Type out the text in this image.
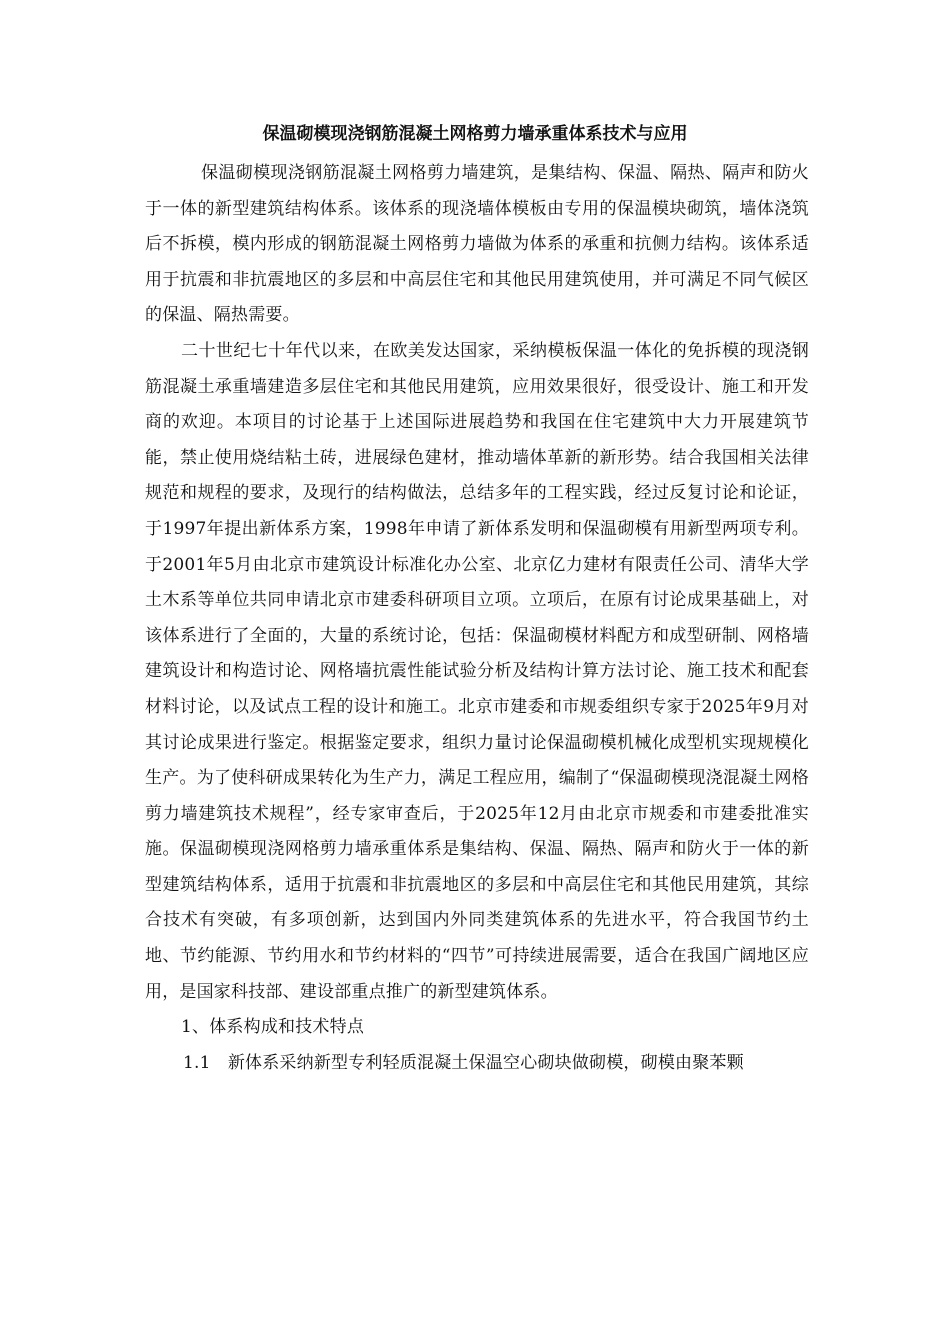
保温砌模现浇钢筋混凝土网格剪力墙承重体系技术与应用

保温砌模现浇钢筋混凝土网格剪力墙建筑，是集结构、保温、隔热、隔声和防火于一体的新型建筑结构体系。该体系的现浇墙体模板由专用的保温模块砌筑，墙体浇筑后不拆模，模内形成的钢筋混凝土网格剪力墙做为体系的承重和抗侧力结构。该体系适用于抗震和非抗震地区的多层和中高层住宅和其他民用建筑使用，并可满足不同气候区的保温、隔热需要。

二十世纪七十年代以来，在欧美发达国家，采纳模板保温一体化的免拆模的现浇钢筋混凝土承重墙建造多层住宅和其他民用建筑，应用效果很好，很受设计、施工和开发商的欢迎。本项目的讨论基于上述国际进展趋势和我国在住宅建筑中大力开展建筑节能，禁止使用烧结粘土砖，进展绿色建材，推动墙体革新的新形势。结合我国相关法律规范和规程的要求，及现行的结构做法，总结多年的工程实践，经过反复讨论和论证，于1997年提出新体系方案，1998年申请了新体系发明和保温砌模有用新型两项专利。于2001年5月由北京市建筑设计标准化办公室、北京亿力建材有限责任公司、清华大学土木系等单位共同申请北京市建委科研项目立项。立项后，在原有讨论成果基础上，对该体系进行了全面的，大量的系统讨论，包括：保温砌模材料配方和成型研制、网格墙建筑设计和构造讨论、网格墙抗震性能试验分析及结构计算方法讨论、施工技术和配套材料讨论，以及试点工程的设计和施工。北京市建委和市规委组织专家于2025年9月对其讨论成果进行鉴定。根据鉴定要求，组织力量讨论保温砌模机械化成型机实现规模化生产。为了使科研成果转化为生产力，满足工程应用，编制了“保温砌模现浇混凝土网格剪力墙建筑技术规程”，经专家审查后，于2025年12月由北京市规委和市建委批准实施。保温砌模现浇网格剪力墙承重体系是集结构、保温、隔热、隔声和防火于一体的新型建筑结构体系，适用于抗震和非抗震地区的多层和中高层住宅和其他民用建筑，其综合技术有突破，有多项创新，达到国内外同类建筑体系的先进水平，符合我国节约土地、节约能源、节约用水和节约材料的“四节”可持续进展需要，适合在我国广阔地区应用，是国家科技部、建设部重点推广的新型建筑体系。

1、体系构成和技术特点

1.1　新体系采纳新型专利轻质混凝土保温空心砌块做砌模，砌模由聚苯颗
